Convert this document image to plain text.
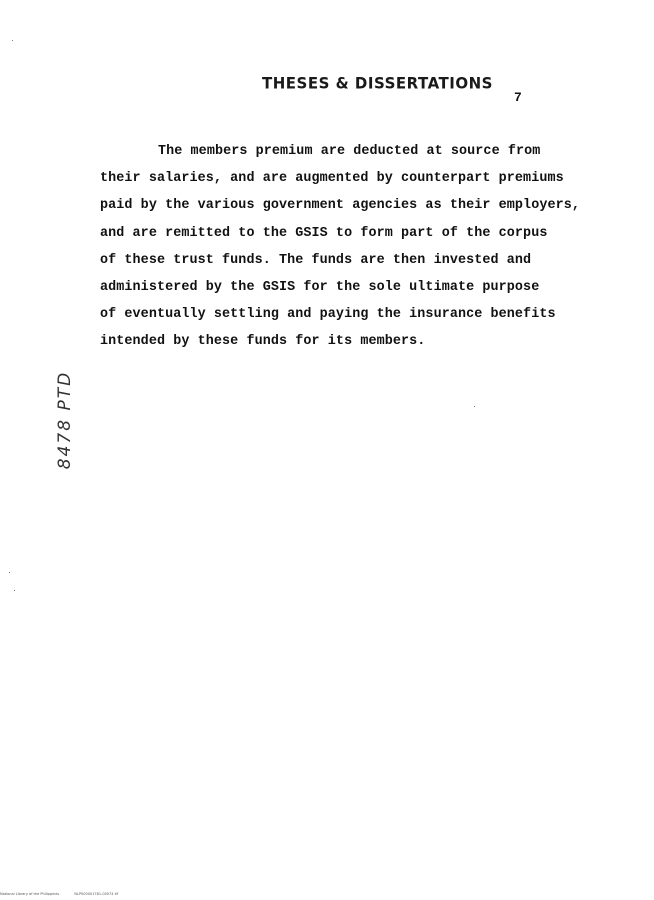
THESES & DISSERTATIONS
7
The members premium are deducted at source from
their salaries, and are augmented by counterpart premiums
paid by the various government agencies as their employers,
and are remitted to the GSIS to form part of the corpus
of these trust funds. The funds are then invested and
administered by the GSIS for the sole ultimate purpose
of eventually settling and paying the insurance benefits
intended by these funds for its members.
8478 PTD
National Library of the Philippines	NLP000001781-00074 tif
